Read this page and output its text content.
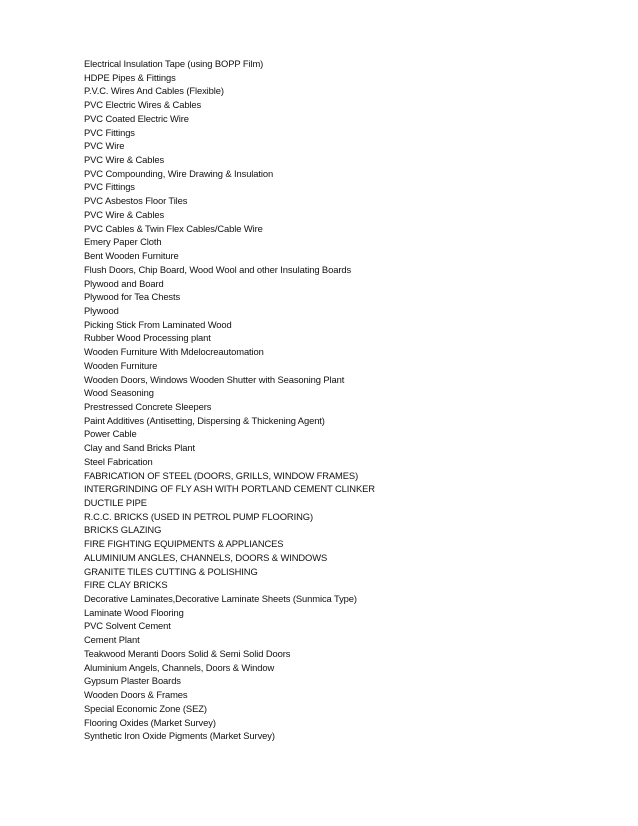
Electrical Insulation Tape (using BOPP Film)
HDPE Pipes & Fittings
P.V.C. Wires And Cables (Flexible)
PVC Electric Wires & Cables
PVC Coated Electric Wire
PVC Fittings
PVC Wire
PVC Wire & Cables
PVC Compounding, Wire Drawing & Insulation
PVC Fittings
PVC Asbestos Floor Tiles
PVC Wire & Cables
PVC Cables & Twin Flex Cables/Cable Wire
Emery Paper Cloth
Bent Wooden Furniture
Flush Doors, Chip Board, Wood Wool and other Insulating Boards
Plywood and Board
Plywood for Tea Chests
Plywood
Picking Stick From Laminated Wood
Rubber Wood Processing plant
Wooden Furniture With Mdelocreautomation
Wooden Furniture
Wooden Doors, Windows Wooden Shutter with Seasoning Plant
Wood Seasoning
Prestressed Concrete Sleepers
Paint Additives (Antisetting, Dispersing & Thickening Agent)
Power Cable
Clay and Sand Bricks Plant
Steel Fabrication
FABRICATION OF STEEL (DOORS, GRILLS, WINDOW FRAMES)
INTERGRINDING OF FLY ASH WITH PORTLAND CEMENT CLINKER
DUCTILE PIPE
R.C.C. BRICKS (USED IN PETROL PUMP FLOORING)
BRICKS GLAZING
FIRE FIGHTING EQUIPMENTS & APPLIANCES
ALUMINIUM ANGLES, CHANNELS, DOORS & WINDOWS
GRANITE TILES CUTTING & POLISHING
FIRE CLAY BRICKS
Decorative Laminates,Decorative Laminate Sheets (Sunmica Type)
Laminate Wood Flooring
PVC Solvent Cement
Cement Plant
Teakwood Meranti Doors Solid & Semi Solid Doors
Aluminium Angels, Channels, Doors & Window
Gypsum Plaster Boards
Wooden Doors & Frames
Special Economic Zone (SEZ)
Flooring Oxides (Market Survey)
Synthetic Iron Oxide Pigments (Market Survey)
